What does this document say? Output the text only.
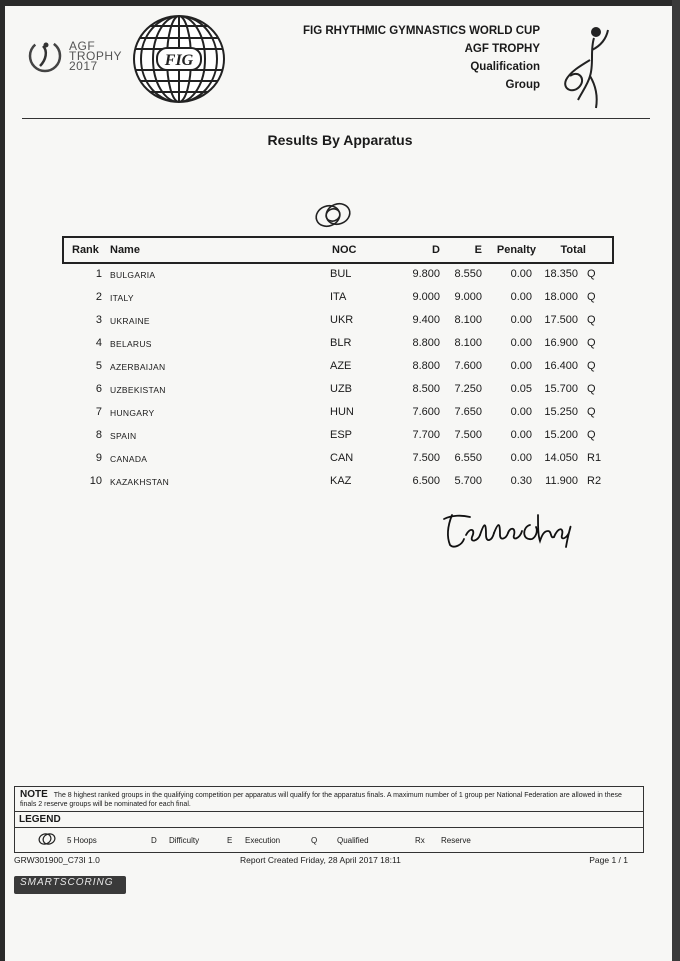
AGF
TROPHY
2017	FIG
FIG RHYTHMIC GYMNASTICS WORLD CUP
AGF TROPHY
Qualification
Group
Results By Apparatus
Rank Name	NOC	D	E	Penalty	Total
1 BULGARIA	BUL	9.800	8.550	0.00	18.350 Q
2 ITALY	ITA	9.000	9.000	0.00	18.000 Q
3 UKRAINE	UKR	9.400	8.100	0.00	17.500 Q
4 BELARUS	BLR	8.800	8.100	0.00	16.900 Q
5 AZERBAIJAN	AZE	8.800	7.600	0.00	16.400 Q
6 UZBEKISTAN	UZB	8.500	7.250	0.05	15.700 Q
7 HUNGARY	HUN	7.600	7.650	0.00	15.250 Q
8 SPAIN	ESP	7.700	7.500	0.00	15.200 Q
9 CANADA	CAN	7.500	6.550	0.00	14.050 R1
10 KAZAKHSTAN	KAZ	6.500	5.700	0.30	11.900 R2
NOTE The 8 highest ranked groups in the qualifying competition per apparatus will qualify for the apparatus finals. A maximum number of 1 group per National Federation are allowed in these finals 2 reserve groups will be nominated for each final.
LEGEND
5 Hoops	D Difficulty	E Execution	Q Qualified	Rx Reserve
GRW301900_C73I 1.0	Report Created Friday, 28 April 2017 18:11	Page 1 / 1
SMARTSCORING
